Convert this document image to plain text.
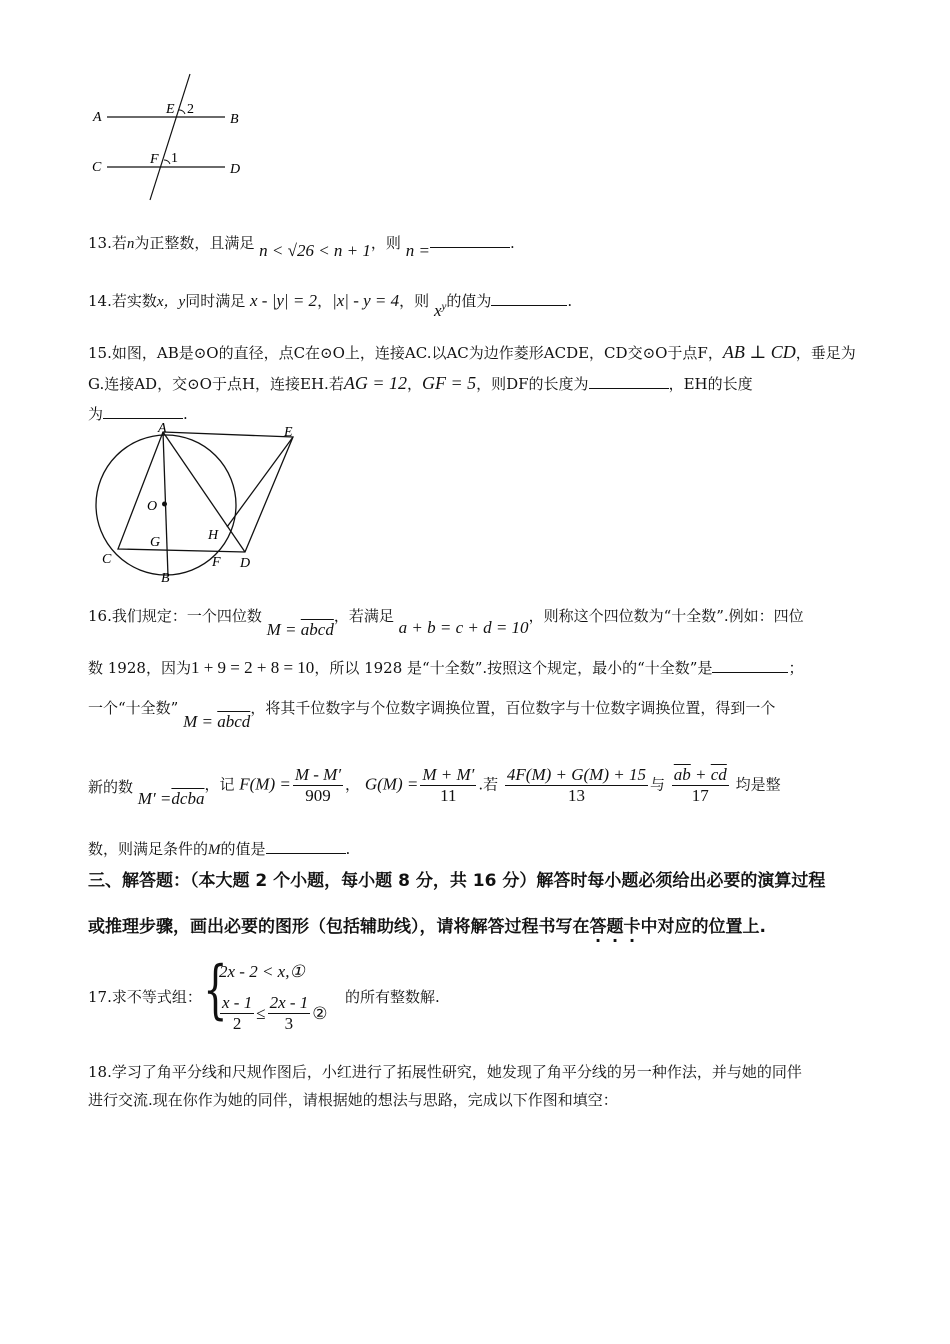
A	B
C	D
E
F 1
2
13.若n为正整数，且满足 n < √26 < n + 1，则 n =	.
14.若实数x，y同时满足 x - |y| = 2，|x| - y = 4，则 $x^y$的值为	.
15.如图，AB是⊙O的直径，点C在⊙O上，连接AC.以AC为边作菱形ACDE，CD交⊙O于点F，AB ⊥ CD，垂足为G.连接AD，交⊙O于点H，连接EH.若AG = 12，GF = 5，则DF的长度为	，EH的长度
为	.
A	E
O
H
G
C	F D
B
16.我们规定：一个四位数 M = abcd，若满足 a + b = c + d = 10，则称这个四位数为“十全数”.例如：四位
数 1928，因为1 + 9 = 2 + 8 = 10，所以 1928 是“十全数”.按照这个规定，最小的“十全数”是	；
一个“十全数” M = abcd，将其千位数字与个位数字调换位置，百位数字与十位数字调换位置，得到一个
新的数 M′ =dcba，记 $F(M) = \frac{M - M'}{909}$ ， $G(M) = \frac{M + M'}{11}$ .若 $\frac{4F(M) + G(M) + 15}{13}$ 与 $\frac{\overline{ab} + \overline{cd}}{17}$ 均是整
数，则满足条件的M的值是	.
三、解答题：（本大题 2 个小题，每小题 8 分，共 16 分）解答时每小题必须给出必要的演算过程
或推理步骤，画出必要的图形（包括辅助线），请将解答过程书写在答题卡中对应的位置上.
17.求不等式组： {
2x - 2 < x,①
$\frac{x - 1}{2} \le \frac{2x - 1}{3}$ ②
的所有整数解.
18.学习了角平分线和尺规作图后，小红进行了拓展性研究，她发现了角平分线的另一种作法，并与她的同伴
进行交流.现在你作为她的同伴，请根据她的想法与思路，完成以下作图和填空：
